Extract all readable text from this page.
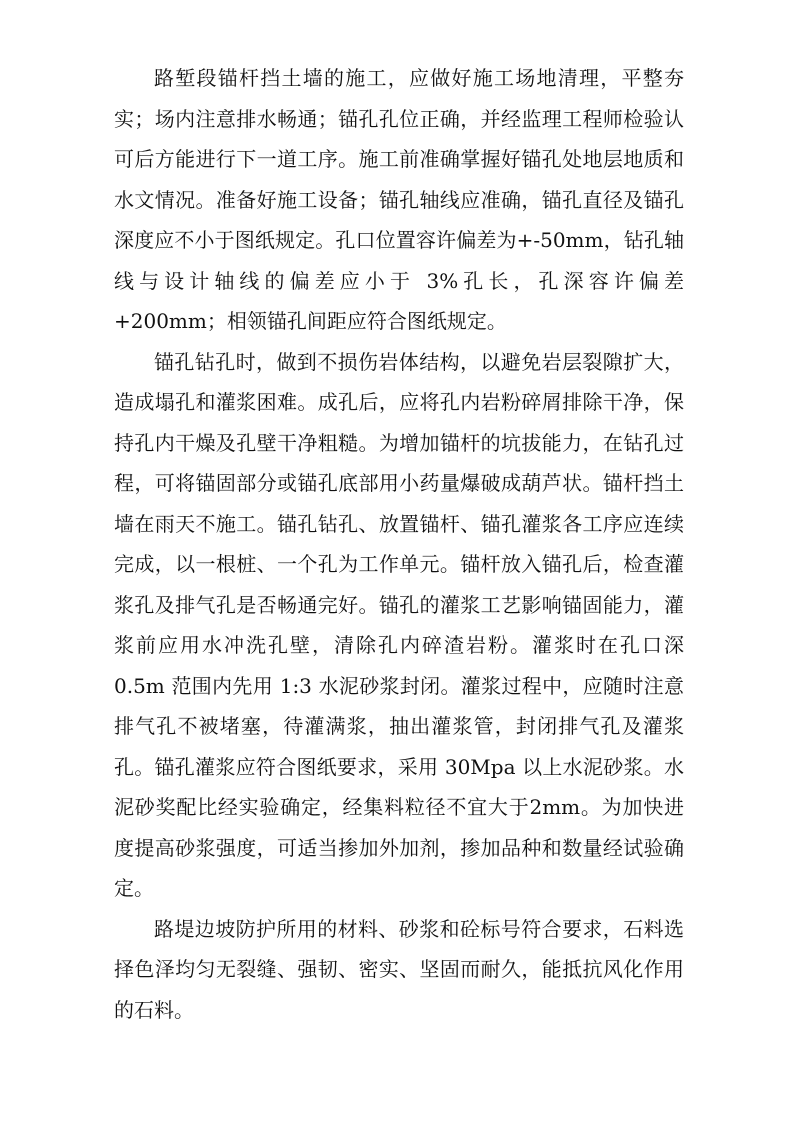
路堑段锚杆挡土墙的施工，应做好施工场地清理，平整夯实；场内注意排水畅通；锚孔孔位正确，并经监理工程师检验认可后方能进行下一道工序。施工前准确掌握好锚孔处地层地质和水文情况。准备好施工设备；锚孔轴线应准确，锚孔直径及锚孔深度应不小于图纸规定。孔口位置容许偏差为+-50mm，钻孔轴线与设计轴线的偏差应小于 3%孔长，孔深容许偏差+200mm；相领锚孔间距应符合图纸规定。

锚孔钻孔时，做到不损伤岩体结构，以避免岩层裂隙扩大，造成塌孔和灌浆困难。成孔后，应将孔内岩粉碎屑排除干净，保持孔内干燥及孔壁干净粗糙。为增加锚杆的坑拔能力，在钻孔过程，可将锚固部分或锚孔底部用小药量爆破成葫芦状。锚杆挡土墙在雨天不施工。锚孔钻孔、放置锚杆、锚孔灌浆各工序应连续完成，以一根桩、一个孔为工作单元。锚杆放入锚孔后，检查灌浆孔及排气孔是否畅通完好。锚孔的灌浆工艺影响锚固能力，灌浆前应用水冲洗孔壁，清除孔内碎渣岩粉。灌浆时在孔口深 0.5m 范围内先用 1:3 水泥砂浆封闭。灌浆过程中，应随时注意排气孔不被堵塞，待灌满浆，抽出灌浆管，封闭排气孔及灌浆孔。锚孔灌浆应符合图纸要求，采用 30Mpa 以上水泥砂浆。水泥砂奖配比经实验确定，经集料粒径不宜大于2mm。为加快进度提高砂浆强度，可适当掺加外加剂，掺加品种和数量经试验确定。

路堤边坡防护所用的材料、砂浆和砼标号符合要求，石料选择色泽均匀无裂缝、强韧、密实、坚固而耐久，能抵抗风化作用的石料。
